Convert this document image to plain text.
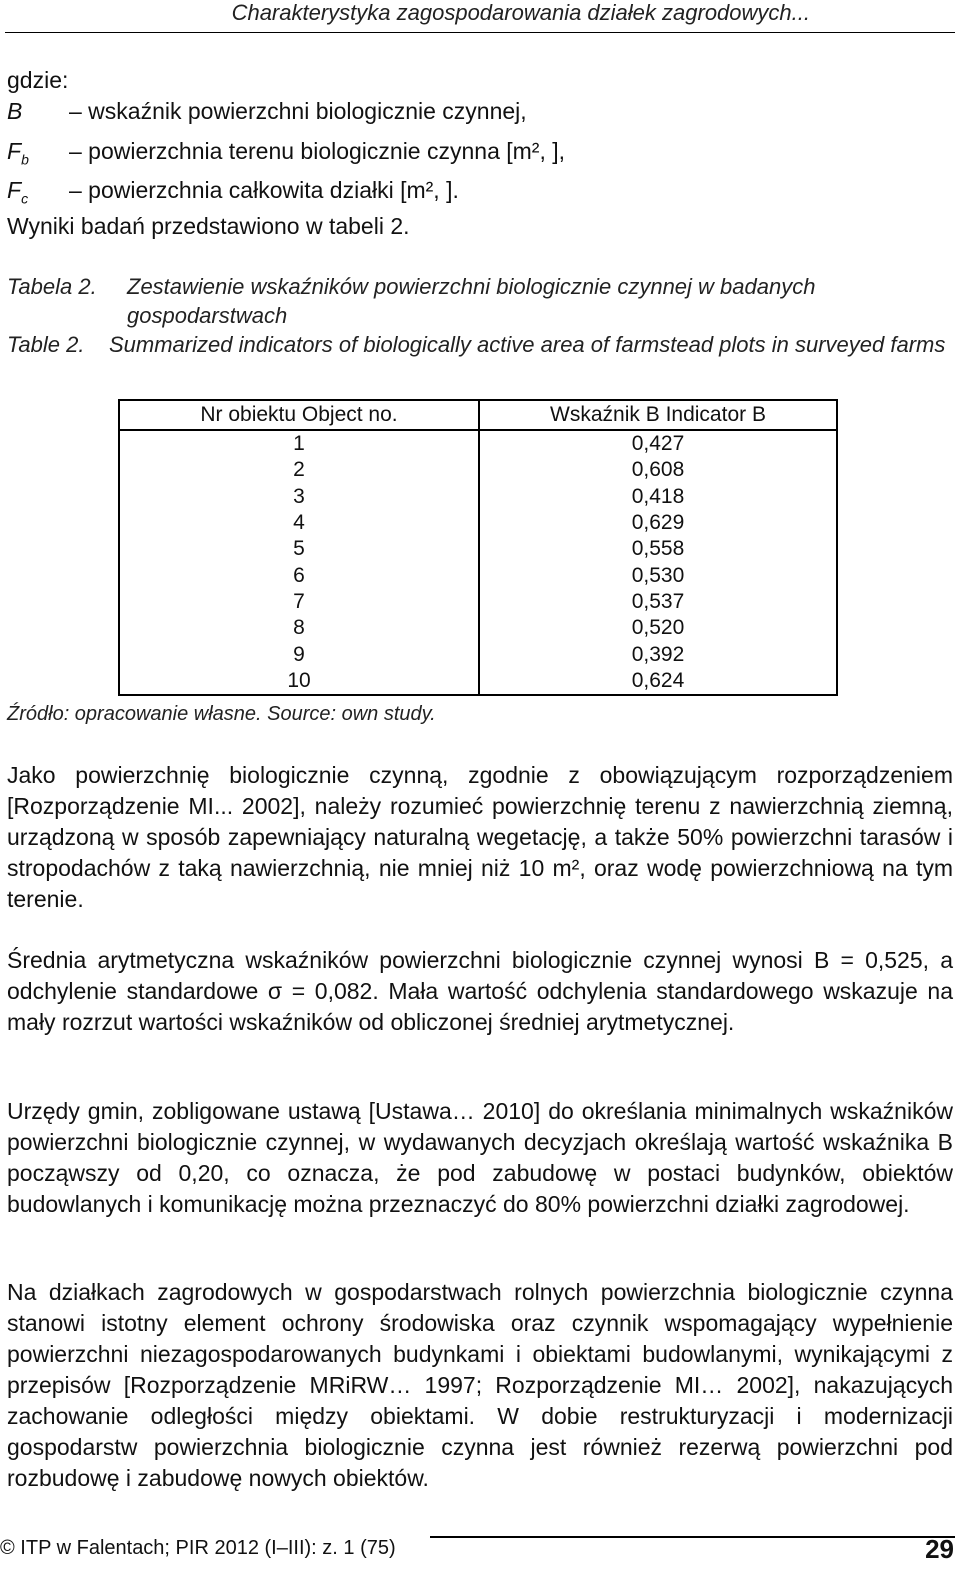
Charakterystyka zagospodarowania działek zagrodowych...
gdzie:
B	– wskaźnik powierzchni biologicznie czynnej,
$F_b$	– powierzchnia terenu biologicznie czynna [m², ],
$F_c$	– powierzchnia całkowita działki [m², ].
Wyniki badań przedstawiono w tabeli 2.
Tabela 2.	Zestawienie wskaźników powierzchni biologicznie czynnej w badanych gospodarstwach
Table 2.	Summarized indicators of biologically active area of farmstead plots in surveyed farms
Nr obiektu Object no.	Wskaźnik B Indicator B
1	0,427
2	0,608
3	0,418
4	0,629
5	0,558
6	0,530
7	0,537
8	0,520
9	0,392
10	0,624
Źródło: opracowanie własne. Source: own study.
Jako powierzchnię biologicznie czynną, zgodnie z obowiązującym rozporządzeniem [Rozporządzenie MI... 2002], należy rozumieć powierzchnię terenu z nawierzchnią ziemną, urządzoną w sposób zapewniający naturalną wegetację, a także 50% powierzchni tarasów i stropodachów z taką nawierzchnią, nie mniej niż 10 m², oraz wodę powierzchniową na tym terenie.
Średnia arytmetyczna wskaźników powierzchni biologicznie czynnej wynosi B = 0,525, a odchylenie standardowe σ = 0,082. Mała wartość odchylenia standardowego wskazuje na mały rozrzut wartości wskaźników od obliczonej średniej arytmetycznej.
Urzędy gmin, zobligowane ustawą [Ustawa… 2010] do określania minimalnych wskaźników powierzchni biologicznie czynnej, w wydawanych decyzjach określają wartość wskaźnika B począwszy od 0,20, co oznacza, że pod zabudowę w postaci budynków, obiektów budowlanych i komunikację można przeznaczyć do 80% powierzchni działki zagrodowej.
Na działkach zagrodowych w gospodarstwach rolnych powierzchnia biologicznie czynna stanowi istotny element ochrony środowiska oraz czynnik wspomagający wypełnienie powierzchni niezagospodarowanych budynkami i obiektami budowlanymi, wynikającymi z przepisów [Rozporządzenie MRiRW… 1997; Rozporządzenie MI… 2002], nakazujących zachowanie odległości między obiektami. W dobie restrukturyzacji i modernizacji gospodarstw powierzchnia biologicznie czynna jest również rezerwą powierzchni pod rozbudowę i zabudowę nowych obiektów.
© ITP w Falentach; PIR 2012 (I–III): z. 1 (75)	29
